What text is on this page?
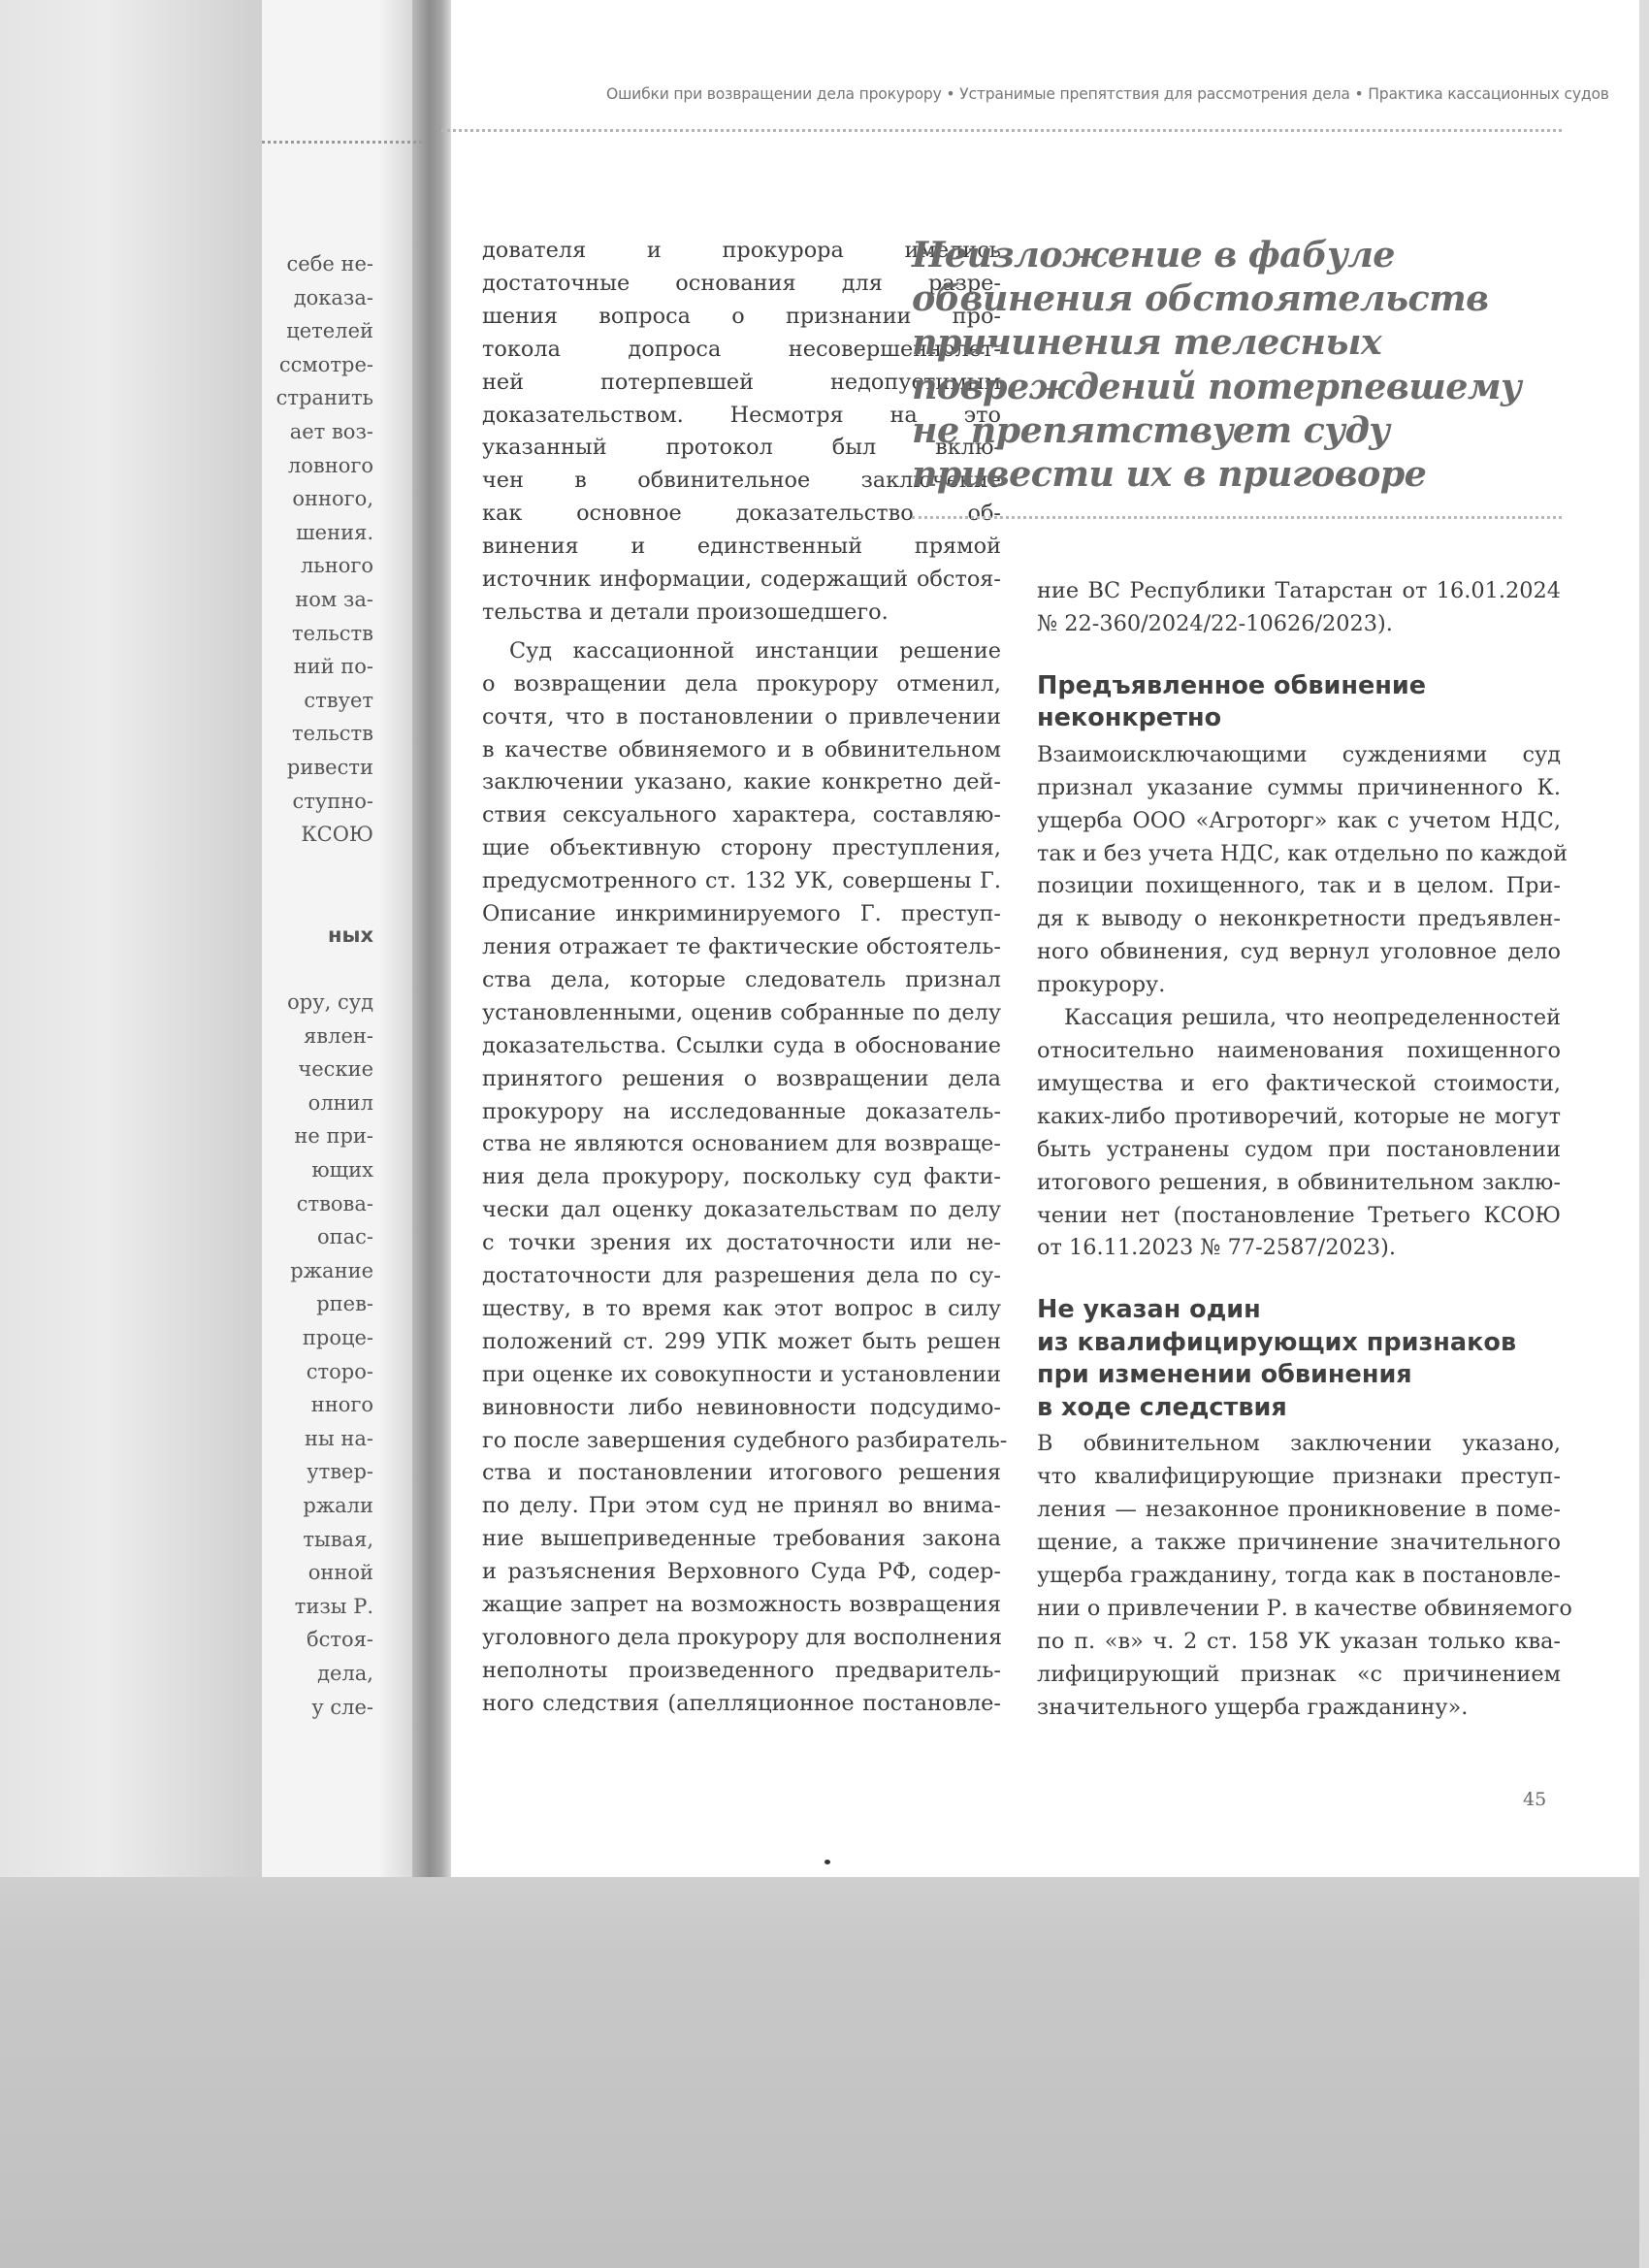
себе не-
доказа-
цетелей
ссмотре-
странить
ает воз-
ловного
онного,
шения.
льного
ном за-
тельств
ний по-
ствует
тельств
ривести
ступно-
КСОЮ
ных
ору, суд
явлен-
ческие
олнил
не при-
ющих
ствова-
опас-
ржание
рпев-
проце-
сторо-
нного
ны на-
утвер-
ржали
тывая,
онной
тизы Р.
бстоя-
дела,
у сле-
Ошибки при возвращении дела прокурору • Устранимые препятствия для рассмотрения дела • Практика кассационных судов
дователя и прокурора имелись
достаточные основания для разре-
шения вопроса о признании про-
токола допроса несовершеннолет-
ней потерпевшей недопустимым
доказательством. Несмотря на это
указанный протокол был вклю-
чен в обвинительное заключение
как основное доказательство об-
винения и единственный прямой
источник информации, содержащий обстоя-
тельства и детали произошедшего.
Суд кассационной инстанции решение
о возвращении дела прокурору отменил,
сочтя, что в постановлении о привлечении
в качестве обвиняемого и в обвинительном
заключении указано, какие конкретно дей-
ствия сексуального характера, составляю-
щие объективную сторону преступления,
предусмотренного ст. 132 УК, совершены Г.
Описание инкриминируемого Г. преступ-
ления отражает те фактические обстоятель-
ства дела, которые следователь признал
установленными, оценив собранные по делу
доказательства. Ссылки суда в обоснование
принятого решения о возвращении дела
прокурору на исследованные доказатель-
ства не являются основанием для возвраще-
ния дела прокурору, поскольку суд факти-
чески дал оценку доказательствам по делу
с точки зрения их достаточности или не-
достаточности для разрешения дела по су-
ществу, в то время как этот вопрос в силу
положений ст. 299 УПК может быть решен
при оценке их совокупности и установлении
виновности либо невиновности подсудимо-
го после завершения судебного разбиратель-
ства и постановлении итогового решения
по делу. При этом суд не принял во внима-
ние вышеприведенные требования закона
и разъяснения Верховного Суда РФ, содер-
жащие запрет на возможность возвращения
уголовного дела прокурору для восполнения
неполноты произведенного предваритель-
ного следствия (апелляционное постановле-
Неизложение в фабуле
обвинения обстоятельств
причинения телесных
повреждений потерпевшему
не препятствует суду
привести их в приговоре
ние ВС Республики Татарстан от 16.01.2024
№ 22-360/2024/22-10626/2023).
Предъявленное обвинение
неконкретно
Взаимоисключающими суждениями суд
признал указание суммы причиненного К.
ущерба ООО «Агроторг» как с учетом НДС,
так и без учета НДС, как отдельно по каждой
позиции похищенного, так и в целом. При-
дя к выводу о неконкретности предъявлен-
ного обвинения, суд вернул уголовное дело
прокурору.
Кассация решила, что неопределенностей
относительно наименования похищенного
имущества и его фактической стоимости,
каких-либо противоречий, которые не могут
быть устранены судом при постановлении
итогового решения, в обвинительном заклю-
чении нет (постановление Третьего КСОЮ
от 16.11.2023 № 77-2587/2023).
Не указан один
из квалифицирующих признаков
при изменении обвинения
в ходе следствия
В обвинительном заключении указано,
что квалифицирующие признаки преступ-
ления — незаконное проникновение в поме-
щение, а также причинение значительного
ущерба гражданину, тогда как в постановле-
нии о привлечении Р. в качестве обвиняемого
по п. «в» ч. 2 ст. 158 УК указан только ква-
лифицирующий признак «с причинением
значительного ущерба гражданину».
45
